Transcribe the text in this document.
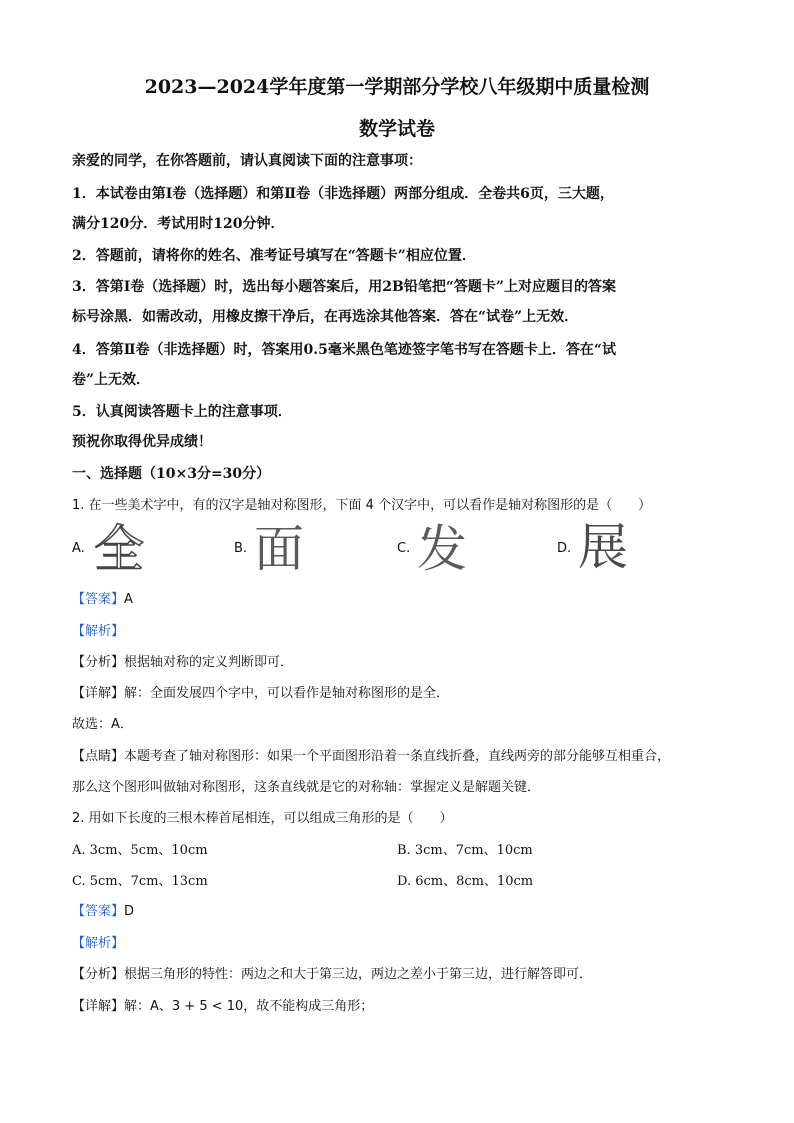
2023—2024学年度第一学期部分学校八年级期中质量检测
数学试卷
亲爱的同学，在你答题前，请认真阅读下面的注意事项：
1．本试卷由第Ⅰ卷（选择题）和第Ⅱ卷（非选择题）两部分组成．全卷共6页，三大题，
满分120分．考试用时120分钟．
2．答题前，请将你的姓名、准考证号填写在“答题卡”相应位置．
3．答第Ⅰ卷（选择题）时，选出每小题答案后，用2B铅笔把“答题卡”上对应题目的答案
标号涂黑．如需改动，用橡皮擦干净后，在再选涂其他答案．答在“试卷”上无效．
4．答第Ⅱ卷（非选择题）时，答案用0.5毫米黑色笔迹签字笔书写在答题卡上．答在“试
卷”上无效．
5．认真阅读答题卡上的注意事项．
预祝你取得优异成绩！
一、选择题（10×3分=30分）
1. 在一些美术字中，有的汉字是轴对称图形，下面 4 个汉字中，可以看作是轴对称图形的是（　　）
A. 全	B. 面	C. 发	D. 展
【答案】A
【解析】
【分析】根据轴对称的定义判断即可．
【详解】解：全面发展四个字中，可以看作是轴对称图形的是全．
故选：A．
【点睛】本题考查了轴对称图形：如果一个平面图形沿着一条直线折叠，直线两旁的部分能够互相重合，
那么这个图形叫做轴对称图形，这条直线就是它的对称轴：掌握定义是解题关键．
2. 用如下长度的三根木棒首尾相连，可以组成三角形的是（　　）
A. 3cm、5cm、10cm	B. 3cm、7cm、10cm
C. 5cm、7cm、13cm	D. 6cm、8cm、10cm
【答案】D
【解析】
【分析】根据三角形的特性：两边之和大于第三边，两边之差小于第三边，进行解答即可．
【详解】解：A、3 + 5 < 10，故不能构成三角形；
